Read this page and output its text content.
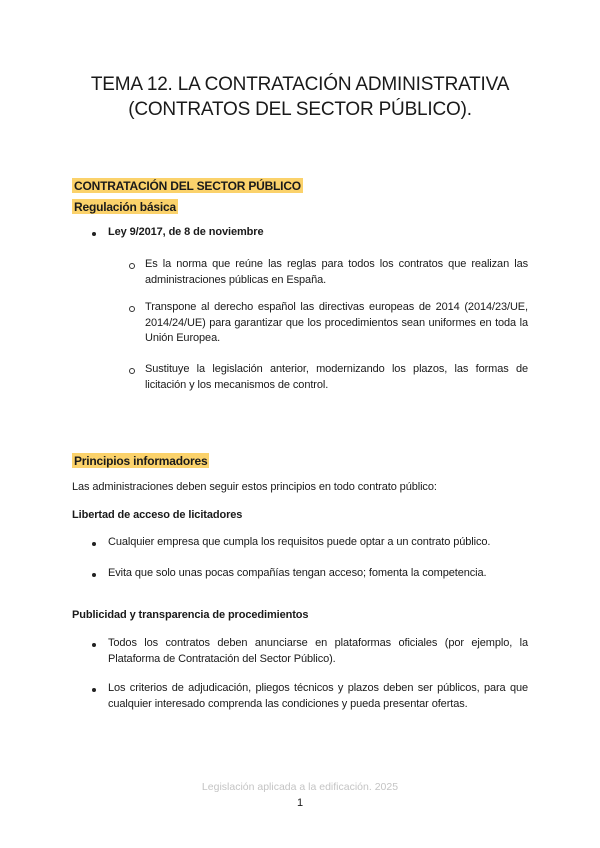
TEMA 12. LA CONTRATACIÓN ADMINISTRATIVA
(CONTRATOS DEL SECTOR PÚBLICO).
CONTRATACIÓN DEL SECTOR PÚBLICO
Regulación básica
Ley 9/2017, de 8 de noviembre
Es la norma que reúne las reglas para todos los contratos que realizan las administraciones públicas en España.
Transpone al derecho español las directivas europeas de 2014 (2014/23/UE, 2014/24/UE) para garantizar que los procedimientos sean uniformes en toda la Unión Europea.
Sustituye la legislación anterior, modernizando los plazos, las formas de licitación y los mecanismos de control.
Principios informadores
Las administraciones deben seguir estos principios en todo contrato público:
Libertad de acceso de licitadores
Cualquier empresa que cumpla los requisitos puede optar a un contrato público.
Evita que solo unas pocas compañías tengan acceso; fomenta la competencia.
Publicidad y transparencia de procedimientos
Todos los contratos deben anunciarse en plataformas oficiales (por ejemplo, la Plataforma de Contratación del Sector Público).
Los criterios de adjudicación, pliegos técnicos y plazos deben ser públicos, para que cualquier interesado comprenda las condiciones y pueda presentar ofertas.
Legislación aplicada a la edificación. 2025
1
